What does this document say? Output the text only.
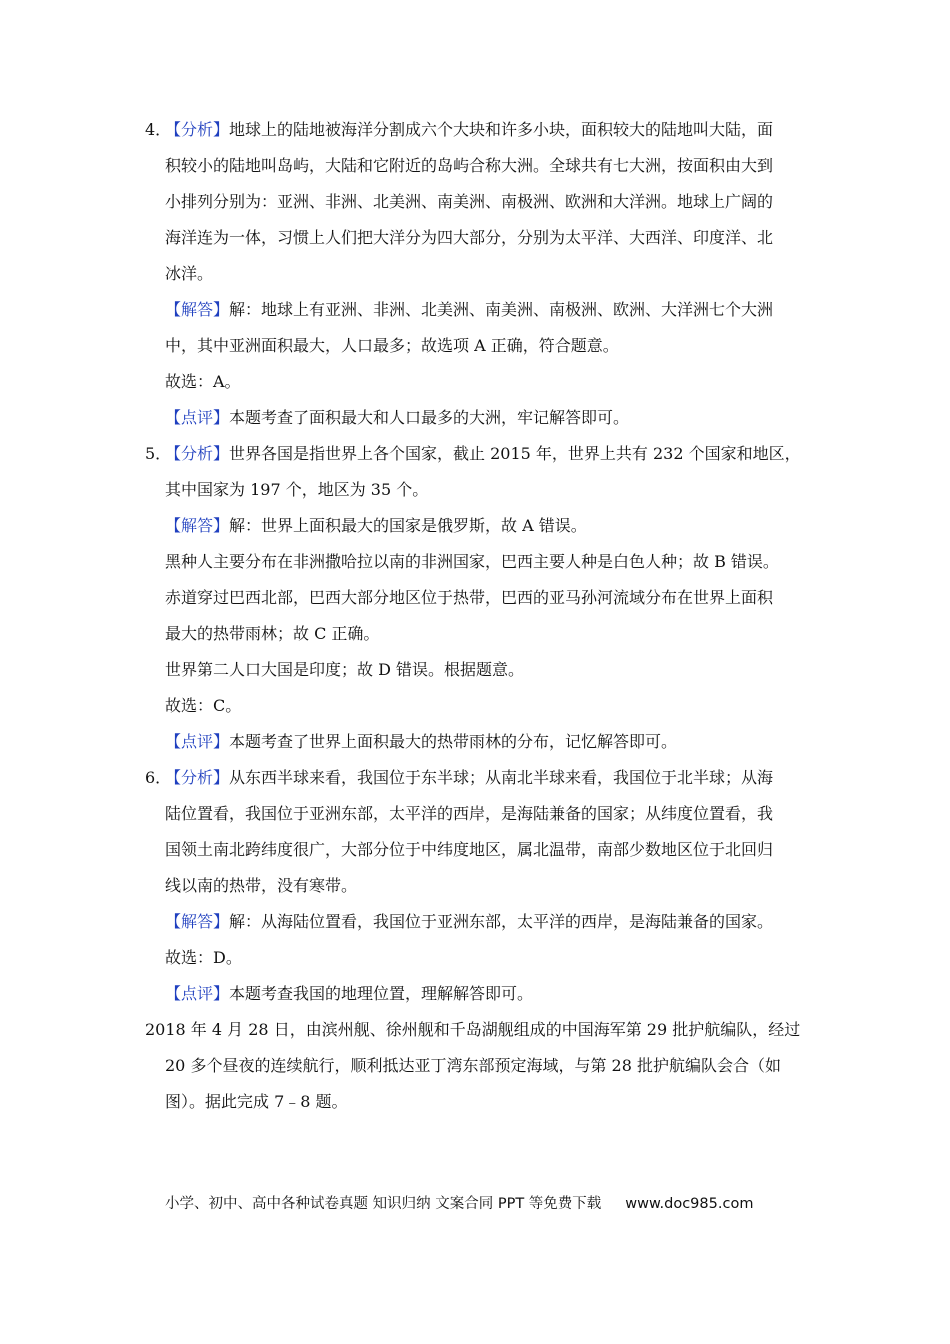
4．【分析】地球上的陆地被海洋分割成六个大块和许多小块，面积较大的陆地叫大陆，面
积较小的陆地叫岛屿，大陆和它附近的岛屿合称大洲。全球共有七大洲，按面积由大到
小排列分别为：亚洲、非洲、北美洲、南美洲、南极洲、欧洲和大洋洲。地球上广阔的
海洋连为一体，习惯上人们把大洋分为四大部分，分别为太平洋、大西洋、印度洋、北
冰洋。
【解答】解：地球上有亚洲、非洲、北美洲、南美洲、南极洲、欧洲、大洋洲七个大洲
中，其中亚洲面积最大，人口最多；故选项 A 正确，符合题意。
故选：A。
【点评】本题考查了面积最大和人口最多的大洲，牢记解答即可。
5．【分析】世界各国是指世界上各个国家，截止 2015 年，世界上共有 232 个国家和地区，
其中国家为 197 个，地区为 35 个。
【解答】解：世界上面积最大的国家是俄罗斯，故 A 错误。
黑种人主要分布在非洲撒哈拉以南的非洲国家，巴西主要人种是白色人种；故 B 错误。
赤道穿过巴西北部，巴西大部分地区位于热带，巴西的亚马孙河流域分布在世界上面积
最大的热带雨林；故 C 正确。
世界第二人口大国是印度；故 D 错误。根据题意。
故选：C。
【点评】本题考查了世界上面积最大的热带雨林的分布，记忆解答即可。
6．【分析】从东西半球来看，我国位于东半球；从南北半球来看，我国位于北半球；从海
陆位置看，我国位于亚洲东部，太平洋的西岸，是海陆兼备的国家；从纬度位置看，我
国领土南北跨纬度很广，大部分位于中纬度地区，属北温带，南部少数地区位于北回归
线以南的热带，没有寒带。
【解答】解：从海陆位置看，我国位于亚洲东部，太平洋的西岸，是海陆兼备的国家。
故选：D。
【点评】本题考查我国的地理位置，理解解答即可。
2018 年 4 月 28 日，由滨州舰、徐州舰和千岛湖舰组成的中国海军第 29 批护航编队，经过
20 多个昼夜的连续航行，顺利抵达亚丁湾东部预定海域，与第 28 批护航编队会合（如
图）。据此完成 7﹣8 题。
小学、初中、高中各种试卷真题 知识归纳 文案合同 PPT 等免费下载 www.doc985.com
